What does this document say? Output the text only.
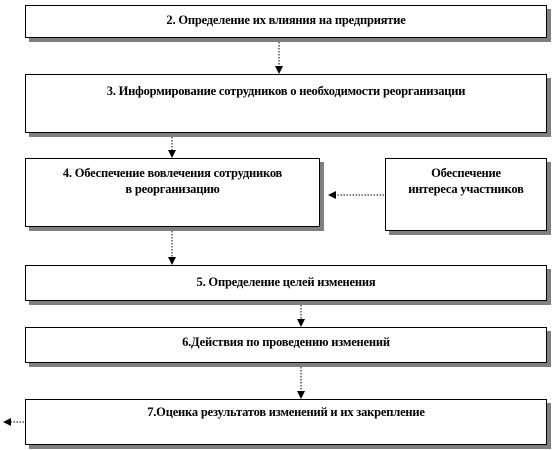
2. Определение их влияния на предприятие
3. Информирование сотрудников о необходимости реорганизации
4. Обеспечение вовлечения сотрудников
в реорганизацию
Обеспечение
интереса участников
5. Определение целей изменения
6.Действия по проведению изменений
7.Оценка результатов изменений и их закрепление
